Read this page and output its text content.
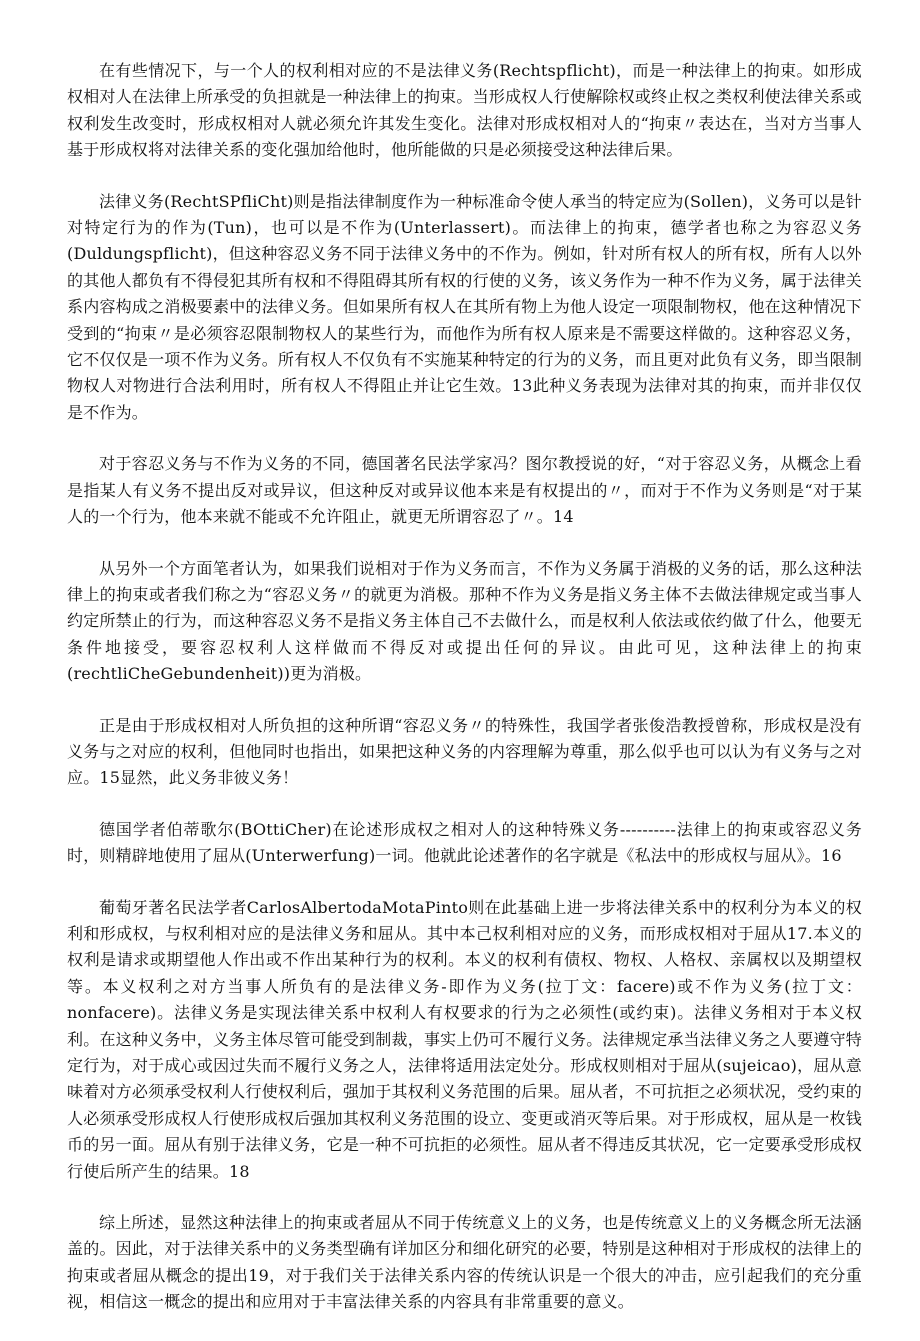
在有些情况下，与一个人的权利相对应的不是法律义务(Rechtspflicht)，而是一种法律上的拘束。如形成权相对人在法律上所承受的负担就是一种法律上的拘束。当形成权人行使解除权或终止权之类权利使法律关系或权利发生改变时，形成权相对人就必须允许其发生变化。法律对形成权相对人的“拘束〃表达在，当对方当事人基于形成权将对法律关系的变化强加给他时，他所能做的只是必须接受这种法律后果。

法律义务(RechtSPfliCht)则是指法律制度作为一种标准命令使人承当的特定应为(Sollen)，义务可以是针对特定行为的作为(Tun)，也可以是不作为(Unterlassert)。而法律上的拘束，德学者也称之为容忍义务(Duldungspflicht)，但这种容忍义务不同于法律义务中的不作为。例如，针对所有权人的所有权，所有人以外的其他人都负有不得侵犯其所有权和不得阻碍其所有权的行使的义务，该义务作为一种不作为义务，属于法律关系内容构成之消极要素中的法律义务。但如果所有权人在其所有物上为他人设定一项限制物权，他在这种情况下受到的“拘束〃是必须容忍限制物权人的某些行为，而他作为所有权人原来是不需要这样做的。这种容忍义务，它不仅仅是一项不作为义务。所有权人不仅负有不实施某种特定的行为的义务，而且更对此负有义务，即当限制物权人对物进行合法利用时，所有权人不得阻止并让它生效。13此种义务表现为法律对其的拘束，而并非仅仅是不作为。

对于容忍义务与不作为义务的不同，德国著名民法学家冯？图尔教授说的好，“对于容忍义务，从概念上看是指某人有义务不提出反对或异议，但这种反对或异议他本来是有权提出的〃，而对于不作为义务则是“对于某人的一个行为，他本来就不能或不允许阻止，就更无所谓容忍了〃。14

从另外一个方面笔者认为，如果我们说相对于作为义务而言，不作为义务属于消极的义务的话，那么这种法律上的拘束或者我们称之为“容忍义务〃的就更为消极。那种不作为义务是指义务主体不去做法律规定或当事人约定所禁止的行为，而这种容忍义务不是指义务主体自己不去做什么，而是权利人依法或依约做了什么，他要无条件地接受，要容忍权利人这样做而不得反对或提出任何的异议。由此可见，这种法律上的拘束(rechtliCheGebundenheit))更为消极。

正是由于形成权相对人所负担的这种所谓“容忍义务〃的特殊性，我国学者张俊浩教授曾称，形成权是没有义务与之对应的权利，但他同时也指出，如果把这种义务的内容理解为尊重，那么似乎也可以认为有义务与之对应。15显然，此义务非彼义务！

德国学者伯蒂歌尔(BOttiCher)在论述形成权之相对人的这种特殊义务----------法律上的拘束或容忍义务时，则精辟地使用了屈从(Unterwerfung)一词。他就此论述著作的名字就是《私法中的形成权与屈从》。16

葡萄牙著名民法学者CarlosAlbertodaMotaPinto则在此基础上进一步将法律关系中的权利分为本义的权利和形成权，与权利相对应的是法律义务和屈从。其中本己权利相对应的义务，而形成权相对于屈从17.本义的权利是请求或期望他人作出或不作出某种行为的权利。本义的权利有债权、物权、人格权、亲属权以及期望权等。本义权利之对方当事人所负有的是法律义务-即作为义务(拉丁文：facere)或不作为义务(拉丁文：nonfacere)。法律义务是实现法律关系中权利人有权要求的行为之必须性(或约束)。法律义务相对于本义权利。在这种义务中，义务主体尽管可能受到制裁，事实上仍可不履行义务。法律规定承当法律义务之人要遵守特定行为，对于成心或因过失而不履行义务之人，法律将适用法定处分。形成权则相对于屈从(sujeicao)，屈从意味着对方必须承受权利人行使权利后，强加于其权利义务范围的后果。屈从者，不可抗拒之必须状况，受约束的人必须承受形成权人行使形成权后强加其权利义务范围的设立、变更或消灭等后果。对于形成权，屈从是一枚钱币的另一面。屈从有别于法律义务，它是一种不可抗拒的必须性。屈从者不得违反其状况，它一定要承受形成权行使后所产生的结果。18

综上所述，显然这种法律上的拘束或者屈从不同于传统意义上的义务，也是传统意义上的义务概念所无法涵盖的。因此，对于法律关系中的义务类型确有详加区分和细化研究的必要，特别是这种相对于形成权的法律上的拘束或者屈从概念的提出19，对于我们关于法律关系内容的传统认识是一个很大的冲击，应引起我们的充分重视，相信这一概念的提出和应用对于丰富法律关系的内容具有非常重要的意义。
